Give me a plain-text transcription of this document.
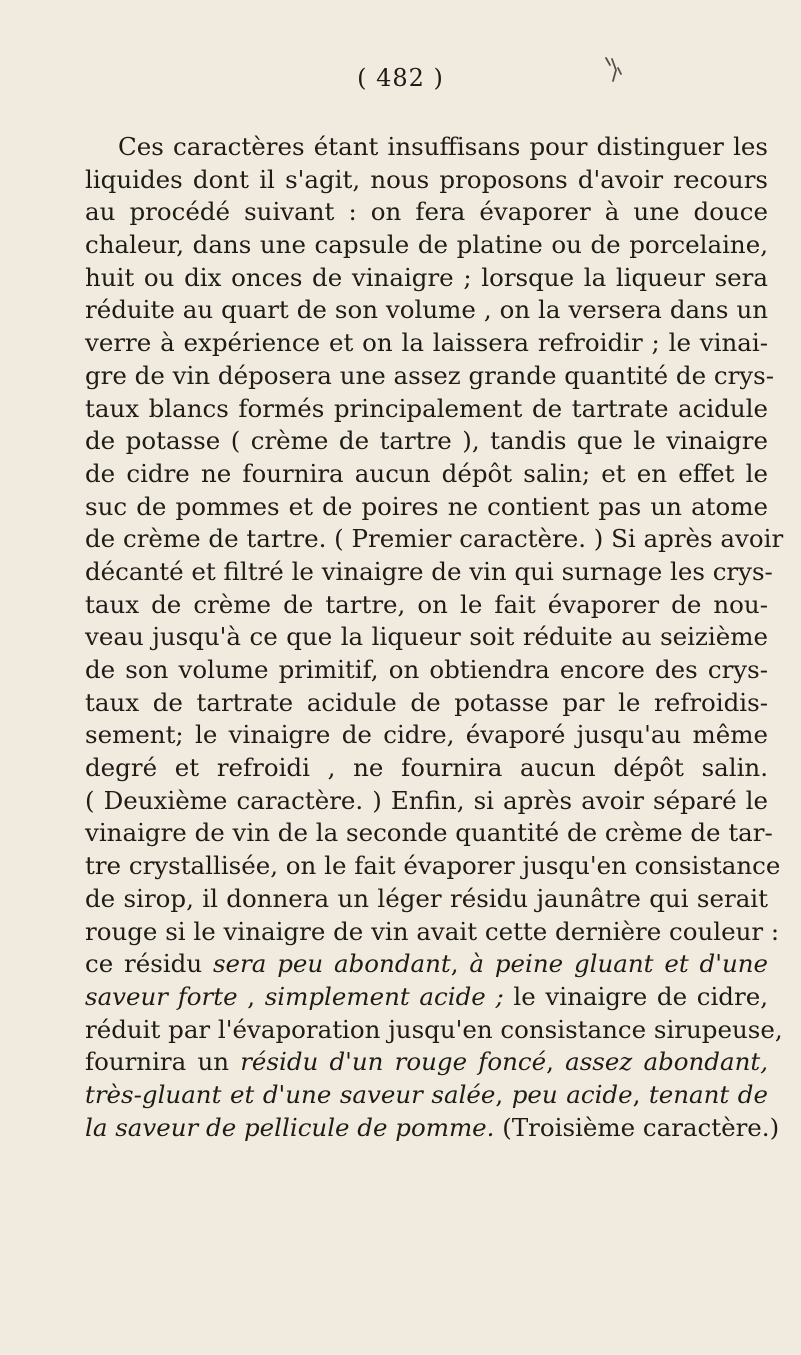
( 482 )
Ces caractères étant insuffisans pour distinguer les
liquides dont il s'agit, nous proposons d'avoir recours
au procédé suivant : on fera évaporer à une douce
chaleur, dans une capsule de platine ou de porcelaine,
huit ou dix onces de vinaigre ; lorsque la liqueur sera
réduite au quart de son volume , on la versera dans un
verre à expérience et on la laissera refroidir ; le vinai-
gre de vin déposera une assez grande quantité de crys-
taux blancs formés principalement de tartrate acidule
de potasse ( crème de tartre ), tandis que le vinaigre
de cidre ne fournira aucun dépôt salin; et en effet le
suc de pommes et de poires ne contient pas un atome
de crème de tartre. ( Premier caractère. ) Si après avoir
décanté et filtré le vinaigre de vin qui surnage les crys-
taux de crème de tartre, on le fait évaporer de nou-
veau jusqu'à ce que la liqueur soit réduite au seizième
de son volume primitif, on obtiendra encore des crys-
taux de tartrate acidule de potasse par le refroidis-
sement; le vinaigre de cidre, évaporé jusqu'au même
degré et refroidi , ne fournira aucun dépôt salin.
( Deuxième caractère. ) Enfin, si après avoir séparé le
vinaigre de vin de la seconde quantité de crème de tar-
tre crystallisée, on le fait évaporer jusqu'en consistance
de sirop, il donnera un léger résidu jaunâtre qui serait
rouge si le vinaigre de vin avait cette dernière couleur :
ce résidu sera peu abondant, à peine gluant et d'une
saveur forte , simplement acide ; le vinaigre de cidre,
réduit par l'évaporation jusqu'en consistance sirupeuse,
fournira un résidu d'un rouge foncé, assez abondant,
très-gluant et d'une saveur salée, peu acide, tenant de
la saveur de pellicule de pomme. (Troisième caractère.)
